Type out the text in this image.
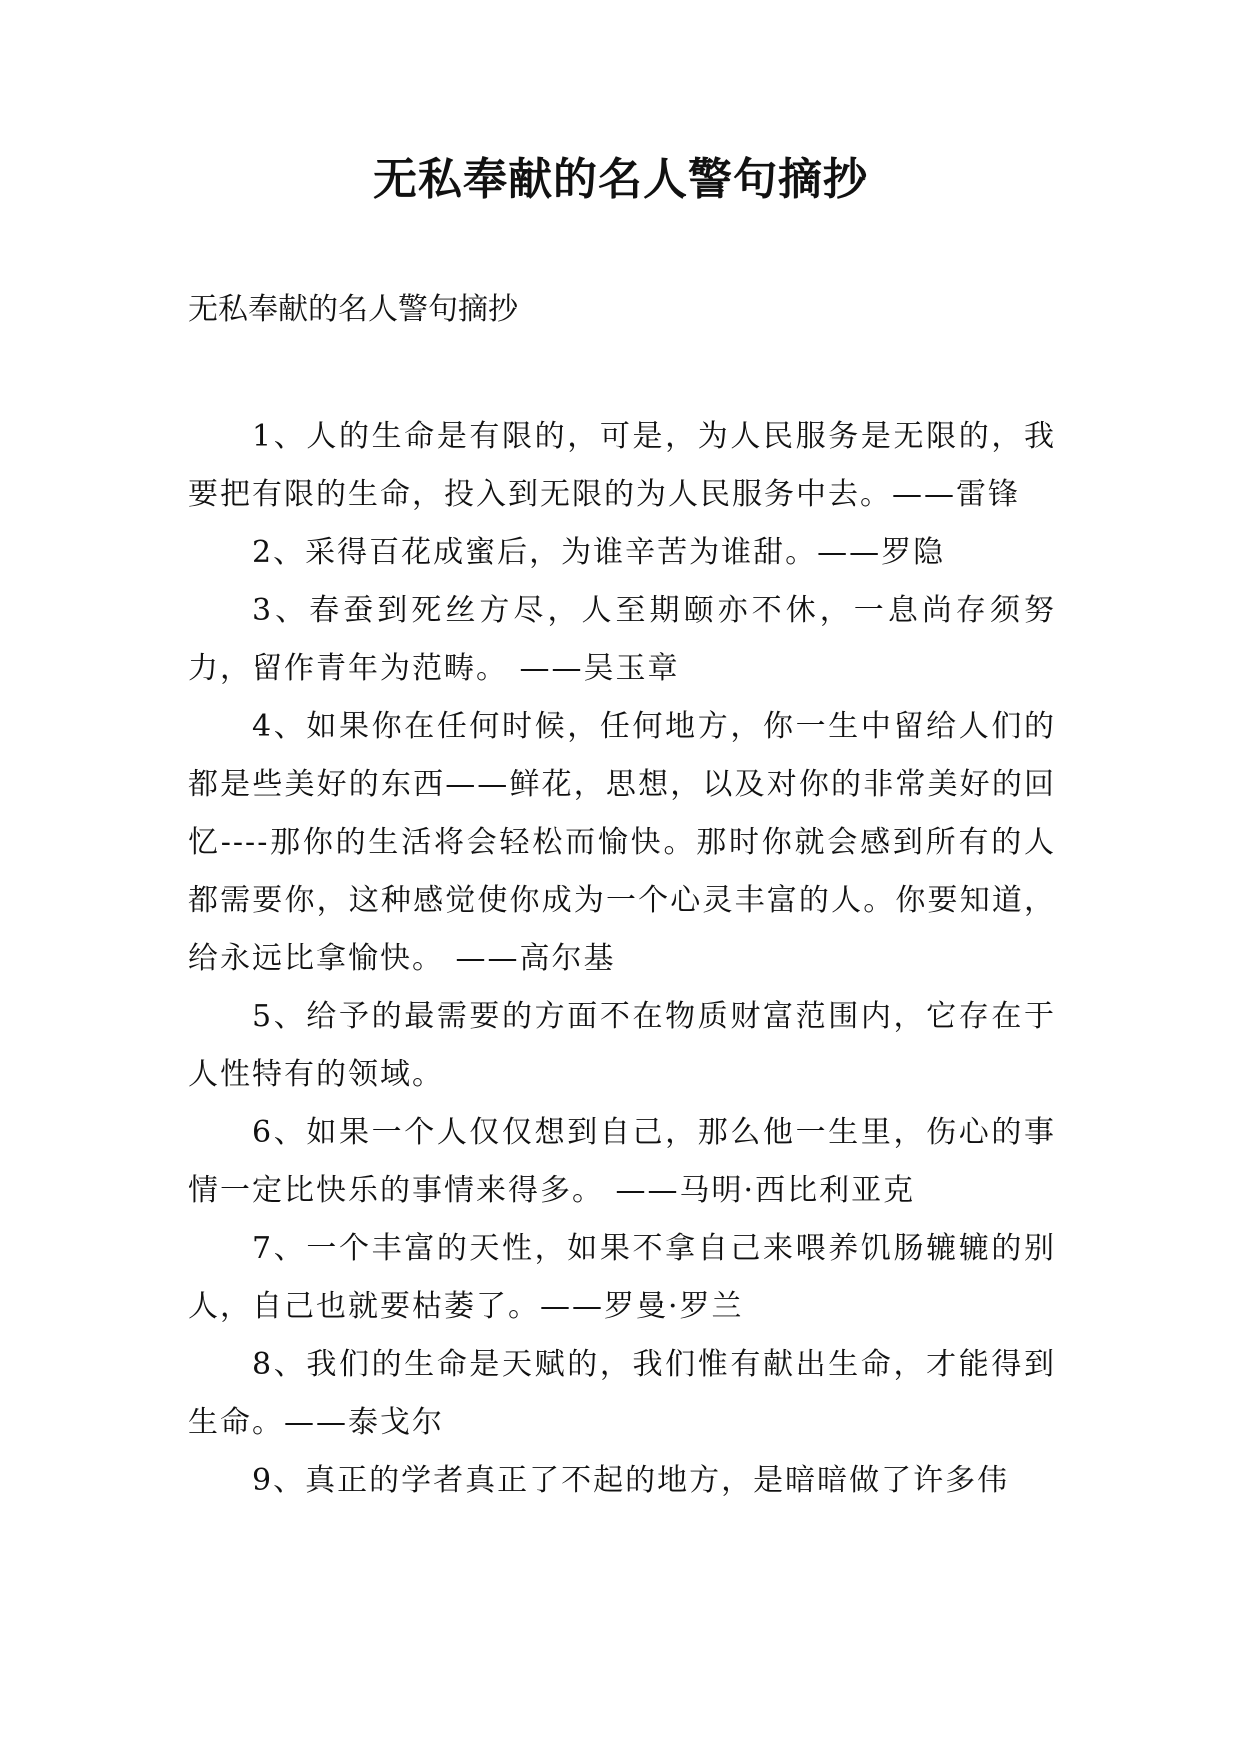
无私奉献的名人警句摘抄
无私奉献的名人警句摘抄

1、人的生命是有限的，可是，为人民服务是无限的，我要把有限的生命，投入到无限的为人民服务中去。——雷锋

2、采得百花成蜜后，为谁辛苦为谁甜。——罗隐

3、春蚕到死丝方尽，人至期颐亦不休，一息尚存须努力，留作青年为范畴。 ——吴玉章

4、如果你在任何时候，任何地方，你一生中留给人们的都是些美好的东西——鲜花，思想，以及对你的非常美好的回忆----那你的生活将会轻松而愉快。那时你就会感到所有的人都需要你，这种感觉使你成为一个心灵丰富的人。你要知道，给永远比拿愉快。 ——高尔基

5、给予的最需要的方面不在物质财富范围内，它存在于人性特有的领域。

6、如果一个人仅仅想到自己，那么他一生里，伤心的事情一定比快乐的事情来得多。 ——马明·西比利亚克

7、一个丰富的天性，如果不拿自己来喂养饥肠辘辘的别人，自己也就要枯萎了。——罗曼·罗兰

8、我们的生命是天赋的，我们惟有献出生命，才能得到生命。——泰戈尔

9、真正的学者真正了不起的地方，是暗暗做了许多伟
